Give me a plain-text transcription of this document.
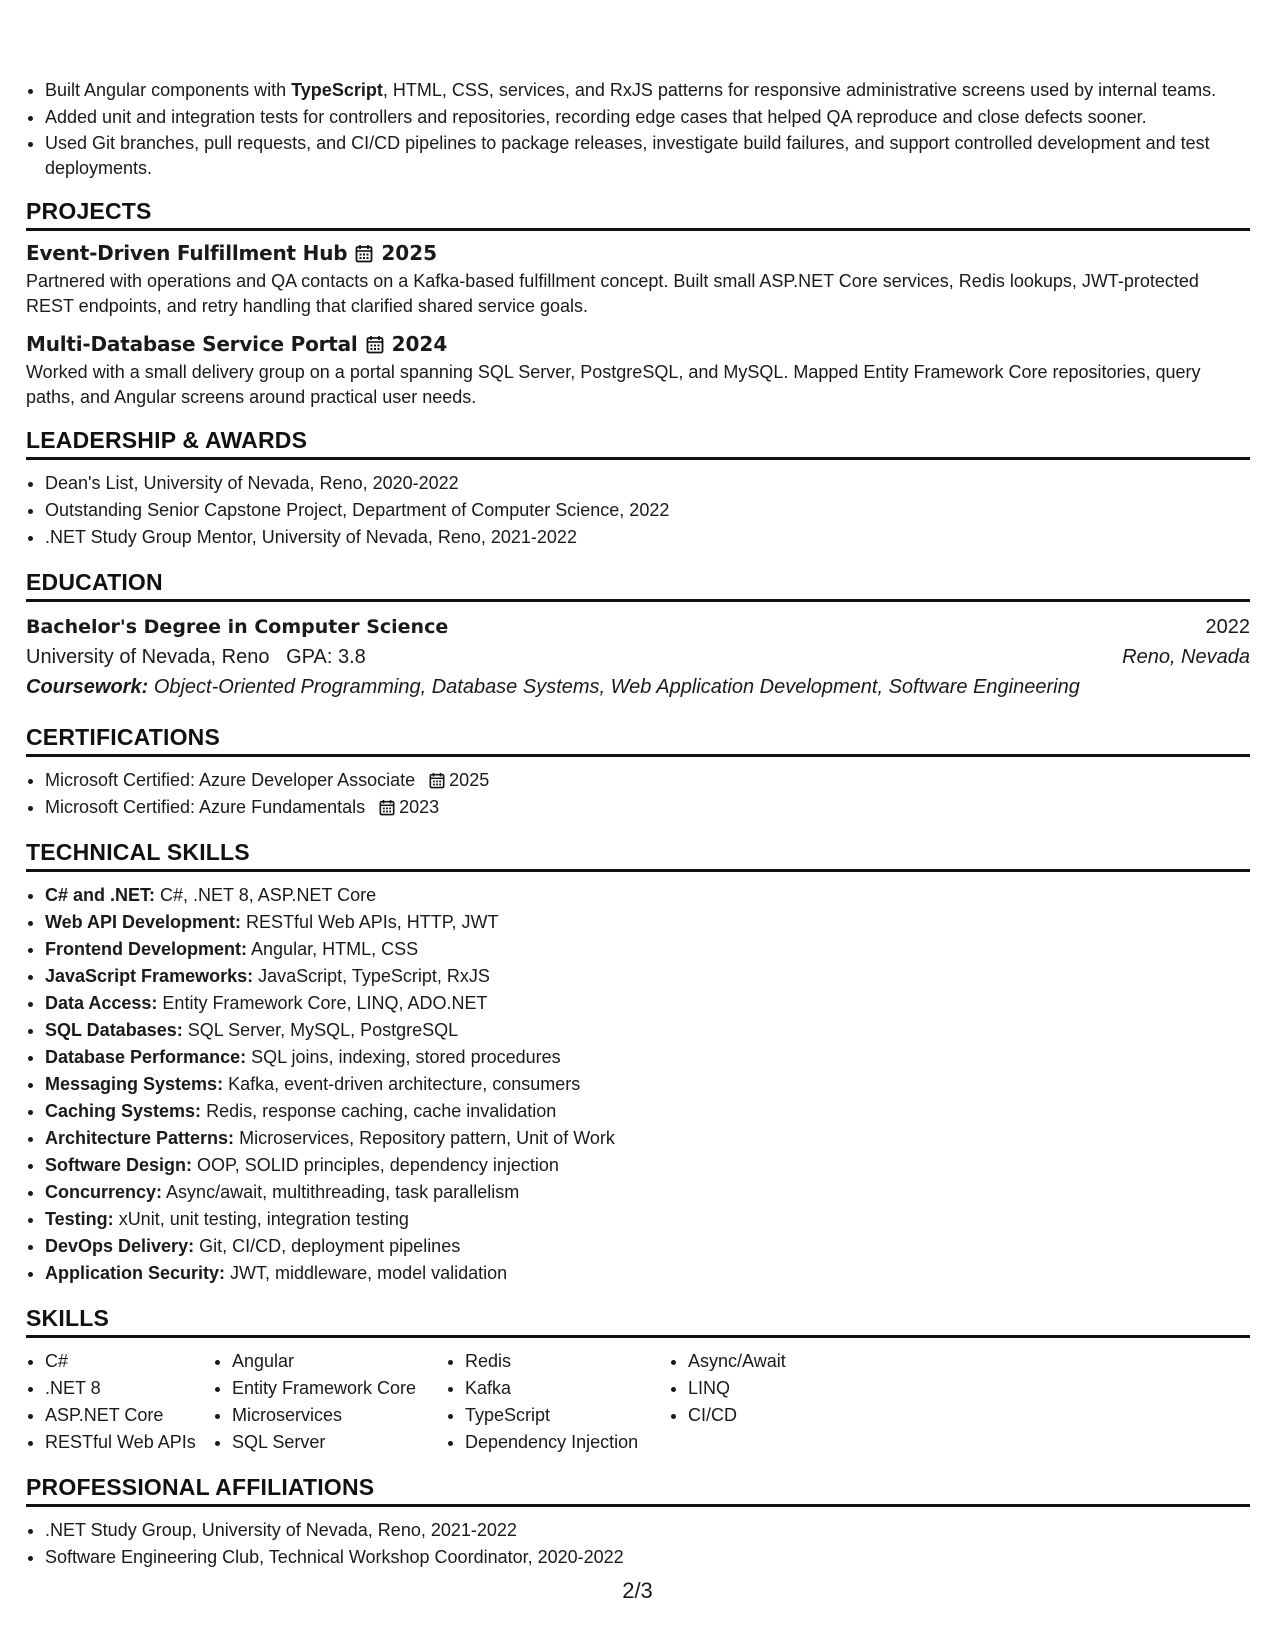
• Built Angular components with TypeScript, HTML, CSS, services, and RxJS patterns for responsive administrative screens used by internal teams.
• Added unit and integration tests for controllers and repositories, recording edge cases that helped QA reproduce and close defects sooner.
• Used Git branches, pull requests, and CI/CD pipelines to package releases, investigate build failures, and support controlled development and test deployments.
PROJECTS
Event-Driven Fulfillment Hub 2025
Partnered with operations and QA contacts on a Kafka-based fulfillment concept. Built small ASP.NET Core services, Redis lookups, JWT-protected REST endpoints, and retry handling that clarified shared service goals.
Multi-Database Service Portal 2024
Worked with a small delivery group on a portal spanning SQL Server, PostgreSQL, and MySQL. Mapped Entity Framework Core repositories, query paths, and Angular screens around practical user needs.
LEADERSHIP & AWARDS
• Dean's List, University of Nevada, Reno, 2020-2022
• Outstanding Senior Capstone Project, Department of Computer Science, 2022
• .NET Study Group Mentor, University of Nevada, Reno, 2021-2022
EDUCATION
Bachelor's Degree in Computer Science	2022
University of Nevada, Reno GPA: 3.8	Reno, Nevada
Coursework: Object-Oriented Programming, Database Systems, Web Application Development, Software Engineering
CERTIFICATIONS
• Microsoft Certified: Azure Developer Associate 2025
• Microsoft Certified: Azure Fundamentals 2023
TECHNICAL SKILLS
• C# and .NET: C#, .NET 8, ASP.NET Core
• Web API Development: RESTful Web APIs, HTTP, JWT
• Frontend Development: Angular, HTML, CSS
• JavaScript Frameworks: JavaScript, TypeScript, RxJS
• Data Access: Entity Framework Core, LINQ, ADO.NET
• SQL Databases: SQL Server, MySQL, PostgreSQL
• Database Performance: SQL joins, indexing, stored procedures
• Messaging Systems: Kafka, event-driven architecture, consumers
• Caching Systems: Redis, response caching, cache invalidation
• Architecture Patterns: Microservices, Repository pattern, Unit of Work
• Software Design: OOP, SOLID principles, dependency injection
• Concurrency: Async/await, multithreading, task parallelism
• Testing: xUnit, unit testing, integration testing
• DevOps Delivery: Git, CI/CD, deployment pipelines
• Application Security: JWT, middleware, model validation
SKILLS
• C#
• .NET 8
• ASP.NET Core
• RESTful Web APIs
• Angular
• Entity Framework Core
• Microservices
• SQL Server
• Redis
• Kafka
• TypeScript
• Dependency Injection
• Async/Await
• LINQ
• CI/CD
PROFESSIONAL AFFILIATIONS
• .NET Study Group, University of Nevada, Reno, 2021-2022
• Software Engineering Club, Technical Workshop Coordinator, 2020-2022
2/3
